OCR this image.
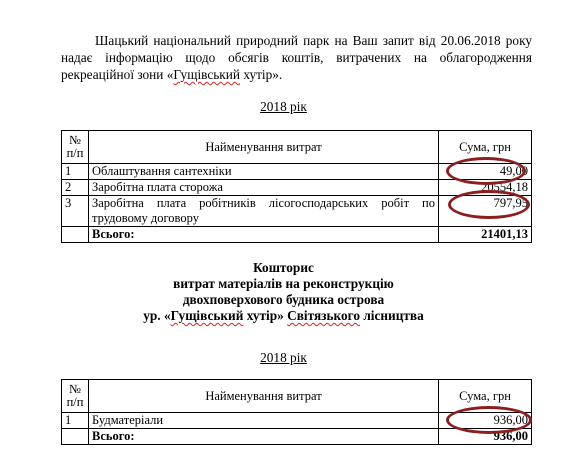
Шацький національний природний парк на Ваш запит від 20.06.2018 року
надає інформацію щодо обсягів коштів, витрачених на облагородження
рекреаційної зони «Гущівський хутір».
2018 рік
№ п/п	Найменування витрат	Сума, грн
1	Облаштування сантехніки	49,00
2	Заробітна плата сторожа	20554,18
3	Заробітна плата робітників лісогосподарських робіт по трудовому договору	797,95
	Всього:	21401,13
Кошторис
витрат матеріалів на реконструкцію
двохповерхового будника острова
ур. «Гущівський хутір» Світязького лісництва
2018 рік
№ п/п	Найменування витрат	Сума, грн
1	Будматеріали	936,00
	Всього:	936,00
